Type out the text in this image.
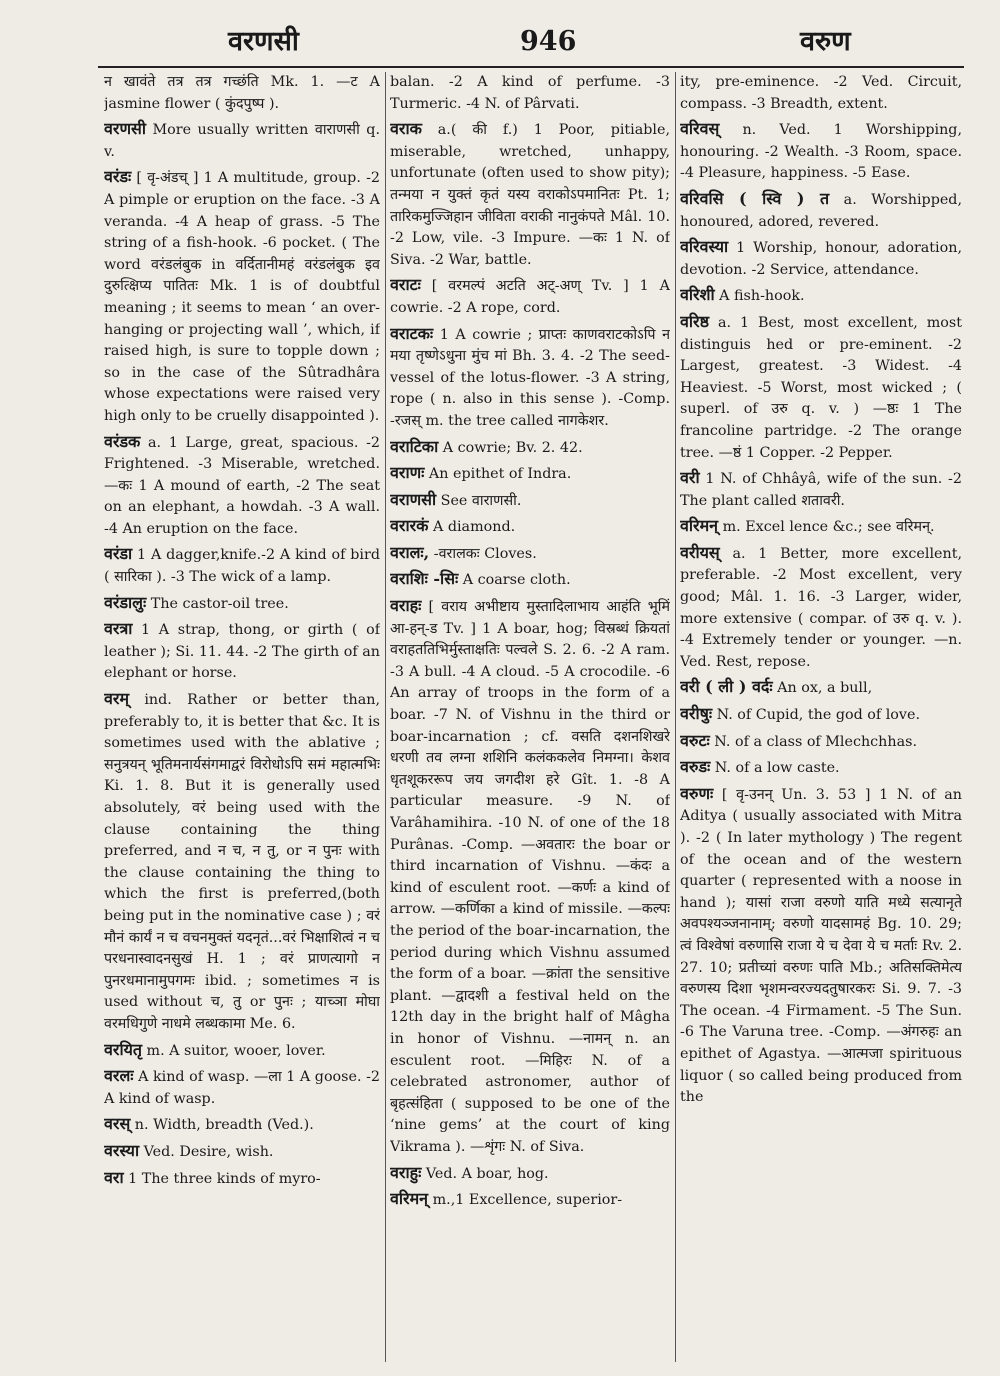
वरणसी	946	वरुण

न खावंते तत्र तत्र गच्छंति Mk. 1. —ट A jasmine flower ( कुंदपुष्प ).

वरणसी More usually written वाराणसी q. v.

वरंडः [ वृ-अंडच् ] 1 A multitude, group. -2 A pimple or eruption on the face. -3 A veranda. -4 A heap of grass. -5 The string of a fish-hook. -6 pocket. ( The word वरंडलंबुक in वर्दितानीमहं वरंडलंबुक इव दुरुत्क्षिप्य पातितः Mk. 1 is of doubtful meaning ; it seems to mean ‘ an over-hanging or projecting wall ’, which, if raised high, is sure to topple down ; so in the case of the Sûtradhâra whose expectations were raised very high only to be cruelly disappointed ).

वरंडक a. 1 Large, great, spacious. -2 Frightened. -3 Miserable, wretched. —कः 1 A mound of earth, -2 The seat on an elephant, a howdah. -3 A wall. -4 An eruption on the face.

वरंडा 1 A dagger,knife.-2 A kind of bird ( सारिका ). -3 The wick of a lamp.

वरंडालुः The castor-oil tree.

वरत्रा 1 A strap, thong, or girth ( of leather ); Si. 11. 44. -2 The girth of an elephant or horse.

वरम् ind. Rather or better than, preferably to, it is better that &c. It is sometimes used with the ablative ; सनुत्रयन् भूतिमनार्यसंगमाद्वरं विरोधोऽपि समं महात्मभिः Ki. 1. 8. But it is generally used absolutely, वरं being used with the clause containing the thing preferred, and न च, न तु, or न पुनः with the clause containing the thing to which the first is preferred,(both being put in the nominative case ) ; वरं मौनं कार्यं न च वचनमुक्तं यदनृतं...वरं भिक्षाशित्वं न च परधनास्वादनसुखं H. 1 ; वरं प्राणत्यागो न पुनरधमानामुपगमः ibid. ; sometimes न is used without च, तु or पुनः ; याच्ञा मोघा वरमधिगुणे नाधमे लब्धकामा Me. 6.

वरयितृ m. A suitor, wooer, lover.

वरलः A kind of wasp. —ला 1 A goose. -2 A kind of wasp.

वरस् n. Width, breadth (Ved.).

वरस्या Ved. Desire, wish.

वरा 1 The three kinds of myro-

balan. -2 A kind of perfume. -3 Turmeric. -4 N. of Pârvati.

वराक a.( की f.) 1 Poor, pitiable, miserable, wretched, unhappy, unfortunate (often used to show pity); तन्मया न युक्तं कृतं यस्य वराकोऽपमानितः Pt. 1; तारिकमुज्जिहान जीविता वराकी नानुकंपते Mâl. 10. -2 Low, vile. -3 Impure. —कः 1 N. of Siva. -2 War, battle.

वराटः [ वरमल्पं अटति अट्-अण् Tv. ] 1 A cowrie. -2 A rope, cord.

वराटकः 1 A cowrie ; प्राप्तः काणवराटकोऽपि न मया तृष्णेऽधुना मुंच मां Bh. 3. 4. -2 The seed-vessel of the lotus-flower. -3 A string, rope ( n. also in this sense ). -Comp. -रजस् m. the tree called नागकेशर.

वराटिका A cowrie; Bv. 2. 42.

वराणः An epithet of Indra.

वराणसी See वाराणसी.

वरारकं A diamond.

वरालः, -वरालकः Cloves.

वराशिः -सिः A coarse cloth.

वराहः [ वराय अभीष्टाय मुस्तादिलाभाय आहंति भूमिं आ-हन्-ड Tv. ] 1 A boar, hog; विस्रब्धं क्रियतां वराहततिभिर्मुस्ताक्षतिः पल्वले S. 2. 6. -2 A ram. -3 A bull. -4 A cloud. -5 A crocodile. -6 An array of troops in the form of a boar. -7 N. of Vishnu in the third or boar-incarnation ; cf. वसति दशनशिखरे धरणी तव लग्ना शशिनि कलंककलेव निमग्ना। केशव धृतशूकररूप जय जगदीश हरे Gît. 1. -8 A particular measure. -9 N. of Varâhamihira. -10 N. of one of the 18 Purânas. -Comp. —अवतारः the boar or third incarnation of Vishnu. —कंदः a kind of esculent root. —कर्णः a kind of arrow. —कर्णिका a kind of missile. —कल्पः the period of the boar-incarnation, the period during which Vishnu assumed the form of a boar. —क्रांता the sensitive plant. —द्वादशी a festival held on the 12th day in the bright half of Mâgha in honor of Vishnu. —नामन् n. an esculent root. —मिहिरः N. of a celebrated astronomer, author of बृहत्संहिता ( supposed to be one of the ‘nine gems’ at the court of king Vikrama ). —शृंगः N. of Siva.

वराहुः Ved. A boar, hog.

वरिमन् m.,1 Excellence, superior-

ity, pre-eminence. -2 Ved. Circuit, compass. -3 Breadth, extent.

वरिवस् n. Ved. 1 Worshipping, honouring. -2 Wealth. -3 Room, space. -4 Pleasure, happiness. -5 Ease.

वरिवसि ( स्वि ) त a. Worshipped, honoured, adored, revered.

वरिवस्या 1 Worship, honour, adoration, devotion. -2 Service, attendance.

वरिशी A fish-hook.

वरिष्ठ a. 1 Best, most excellent, most distinguis hed or pre-eminent. -2 Largest, greatest. -3 Widest. -4 Heaviest. -5 Worst, most wicked ; ( superl. of उरु q. v. ) —ष्ठः 1 The francoline partridge. -2 The orange tree. —ष्ठं 1 Copper. -2 Pepper.

वरी 1 N. of Chhâyâ, wife of the sun. -2 The plant called शतावरी.

वरिमन् m. Excel lence &c.; see वरिमन्.

वरीयस् a. 1 Better, more excellent, preferable. -2 Most excellent, very good; Mâl. 1. 16. -3 Larger, wider, more extensive ( compar. of उरु q. v. ). -4 Extremely tender or younger. —n. Ved. Rest, repose.

वरी ( ली ) वर्दः An ox, a bull,

वरीषुः N. of Cupid, the god of love.

वरुटः N. of a class of Mlechchhas.

वरुडः N. of a low caste.

वरुणः [ वृ-उनन् Un. 3. 53 ] 1 N. of an Aditya ( usually associated with Mitra ). -2 ( In later mythology ) The regent of the ocean and of the western quarter ( represented with a noose in hand ); यासां राजा वरुणो याति मध्ये सत्यानृते अवपश्यञ्जनानाम्; वरुणो यादसामहं Bg. 10. 29; त्वं विश्वेषां वरुणासि राजा ये च देवा ये च मर्ताः Rv. 2. 27. 10; प्रतीच्यां वरुणः पाति Mb.; अतिसक्तिमेत्य वरुणस्य दिशा भृशमन्वरज्यदतुषारकरः Si. 9. 7. -3 The ocean. -4 Firmament. -5 The Sun. -6 The Varuna tree. -Comp. —अंगरुहः an epithet of Agastya. —आत्मजा spirituous liquor ( so called being produced from the
